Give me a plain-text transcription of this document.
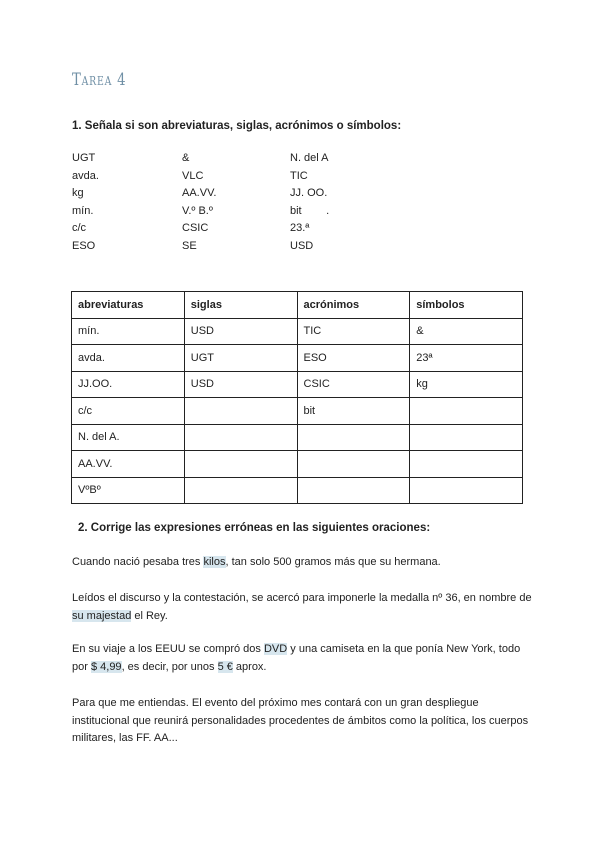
Tarea 4
1. Señala si son abreviaturas, siglas, acrónimos o símbolos:
UGT	&	N. del A
avda.	VLC	TIC
kg	AA.VV.	JJ. OO.
mín.	V.º B.º	bit        .
c/c	CSIC	23.ª
ESO	SE	USD
abreviaturas	siglas	acrónimos	símbolos
mín.	USD	TIC	&
avda.	UGT	ESO	23ª
JJ.OO.	USD	CSIC	kg
c/c		bit	
N. del A.			
AA.VV.			
VºBº			
2. Corrige las expresiones erróneas en las siguientes oraciones:
Cuando nació pesaba tres kilos, tan solo 500 gramos más que su hermana.
Leídos el discurso y la contestación, se acercó para imponerle la medalla nº 36, en nombre de su majestad el Rey.
En su viaje a los EEUU se compró dos DVD y una camiseta en la que ponía New York, todo por $ 4,99, es decir, por unos 5 € aprox.
Para que me entiendas. El evento del próximo mes contará con un gran despliegue institucional que reunirá personalidades procedentes de ámbitos como la política, los cuerpos militares, las FF. AA...
